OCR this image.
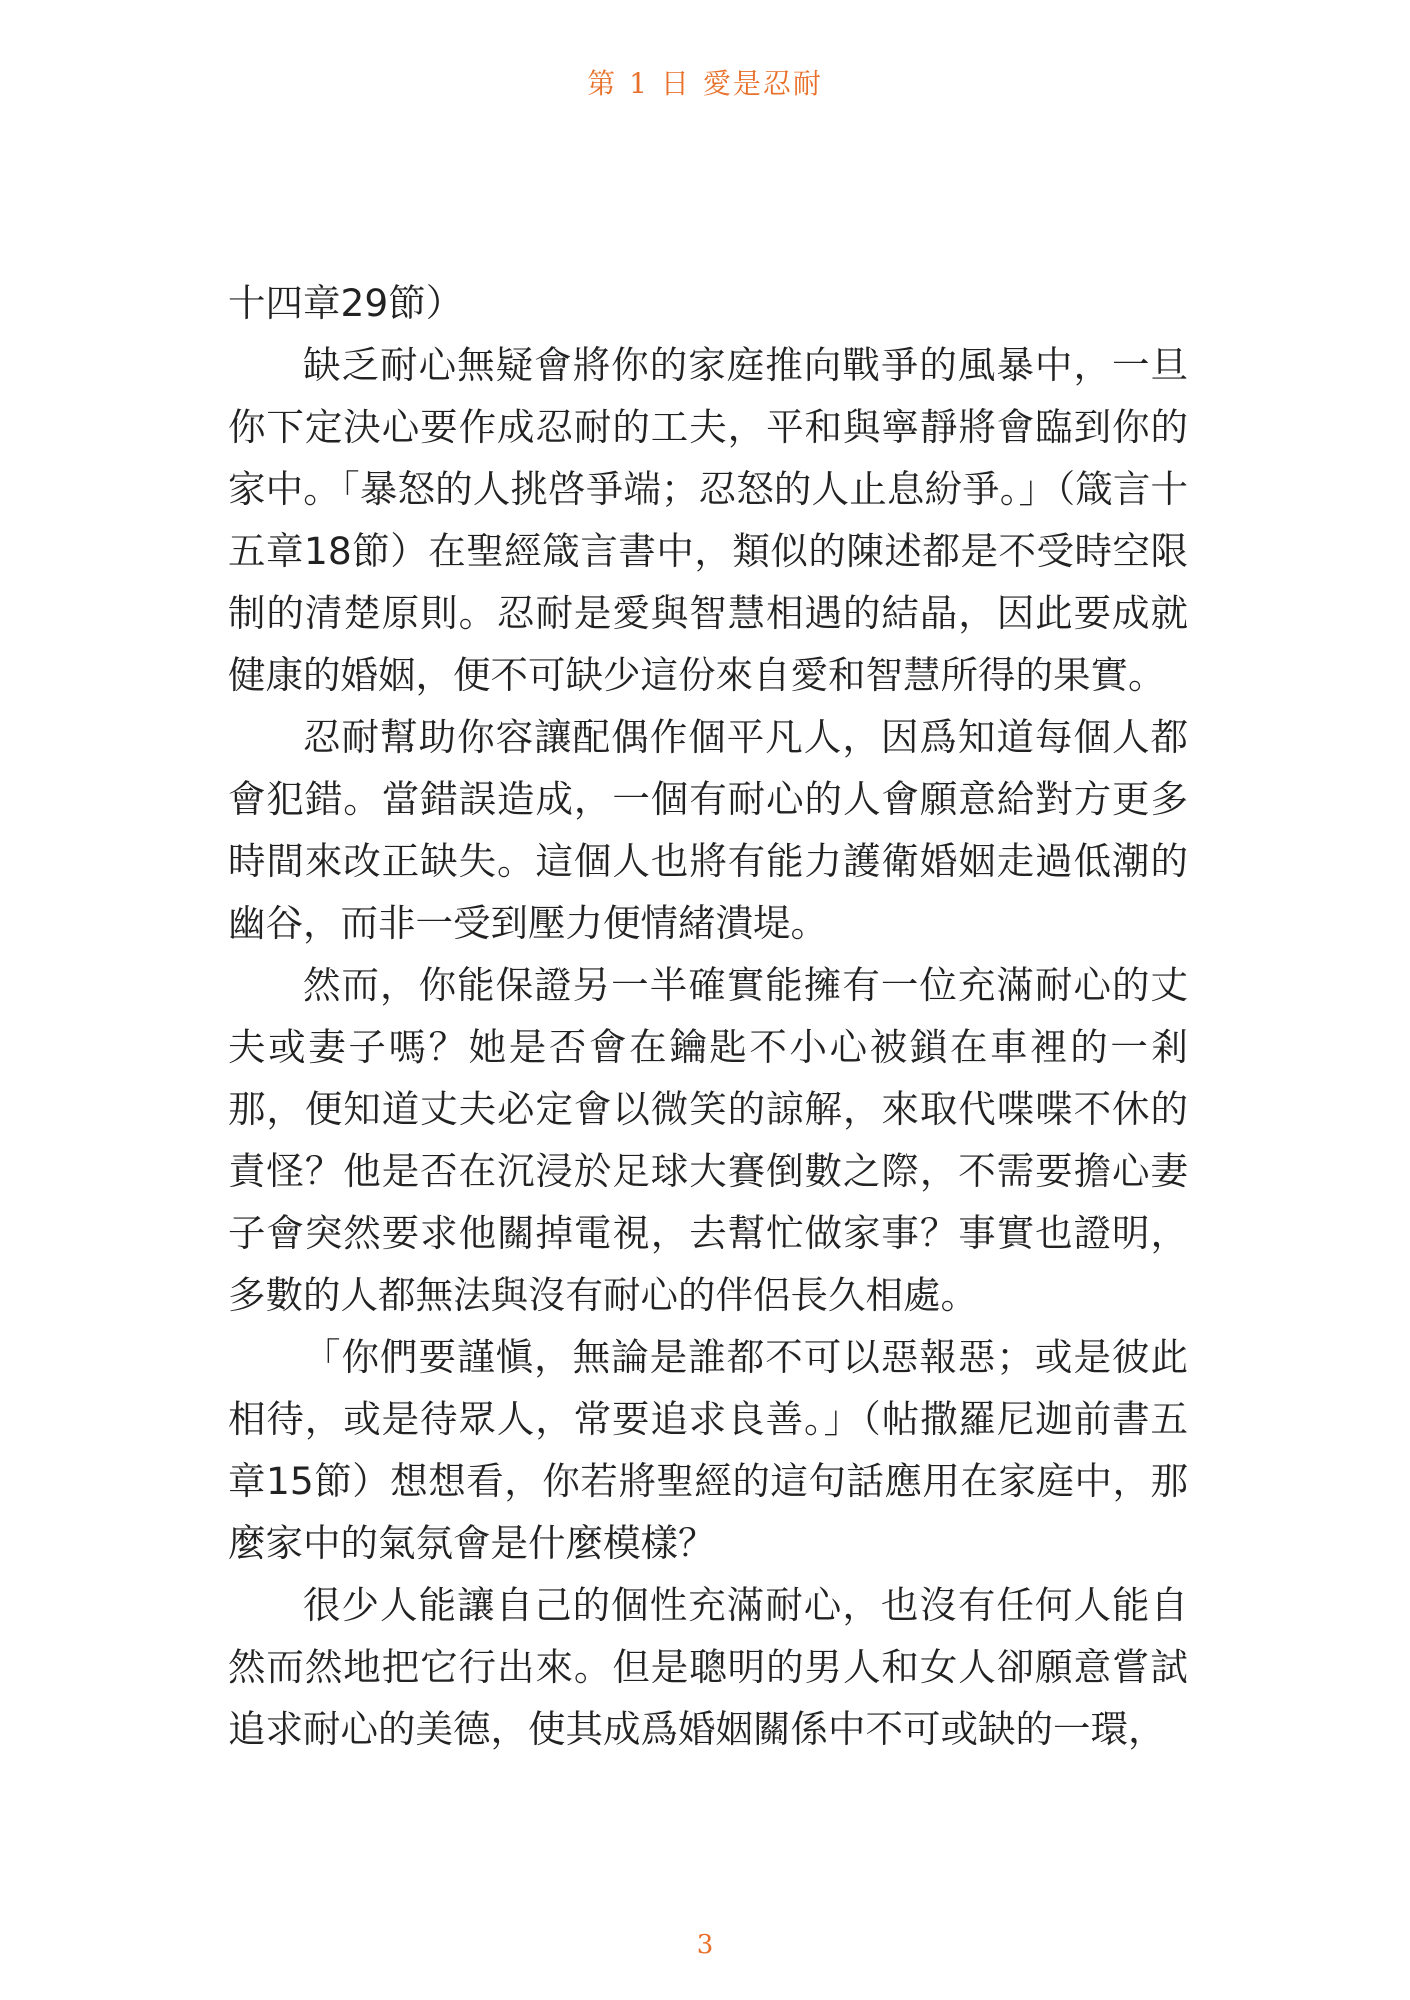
第 1 日 愛是忍耐

十四章29節）

缺乏耐心無疑會將你的家庭推向戰爭的風暴中，一旦你下定決心要作成忍耐的工夫，平和與寧靜將會臨到你的家中。「暴怒的人挑啓爭端；忍怒的人止息紛爭。」（箴言十五章18節）在聖經箴言書中，類似的陳述都是不受時空限制的清楚原則。忍耐是愛與智慧相遇的結晶，因此要成就健康的婚姻，便不可缺少這份來自愛和智慧所得的果實。

忍耐幫助你容讓配偶作個平凡人，因爲知道每個人都會犯錯。當錯誤造成，一個有耐心的人會願意給對方更多時間來改正缺失。這個人也將有能力護衛婚姻走過低潮的幽谷，而非一受到壓力便情緒潰堤。

然而，你能保證另一半確實能擁有一位充滿耐心的丈夫或妻子嗎？她是否會在鑰匙不小心被鎖在車裡的一剎那，便知道丈夫必定會以微笑的諒解，來取代喋喋不休的責怪？他是否在沉浸於足球大賽倒數之際，不需要擔心妻子會突然要求他關掉電視，去幫忙做家事？事實也證明，多數的人都無法與沒有耐心的伴侶長久相處。

「你們要謹愼，無論是誰都不可以惡報惡；或是彼此相待，或是待眾人，常要追求良善。」（帖撒羅尼迦前書五章15節）想想看，你若將聖經的這句話應用在家庭中，那麼家中的氣氛會是什麼模樣？

很少人能讓自己的個性充滿耐心，也沒有任何人能自然而然地把它行出來。但是聰明的男人和女人卻願意嘗試追求耐心的美德，使其成爲婚姻關係中不可或缺的一環，

3
